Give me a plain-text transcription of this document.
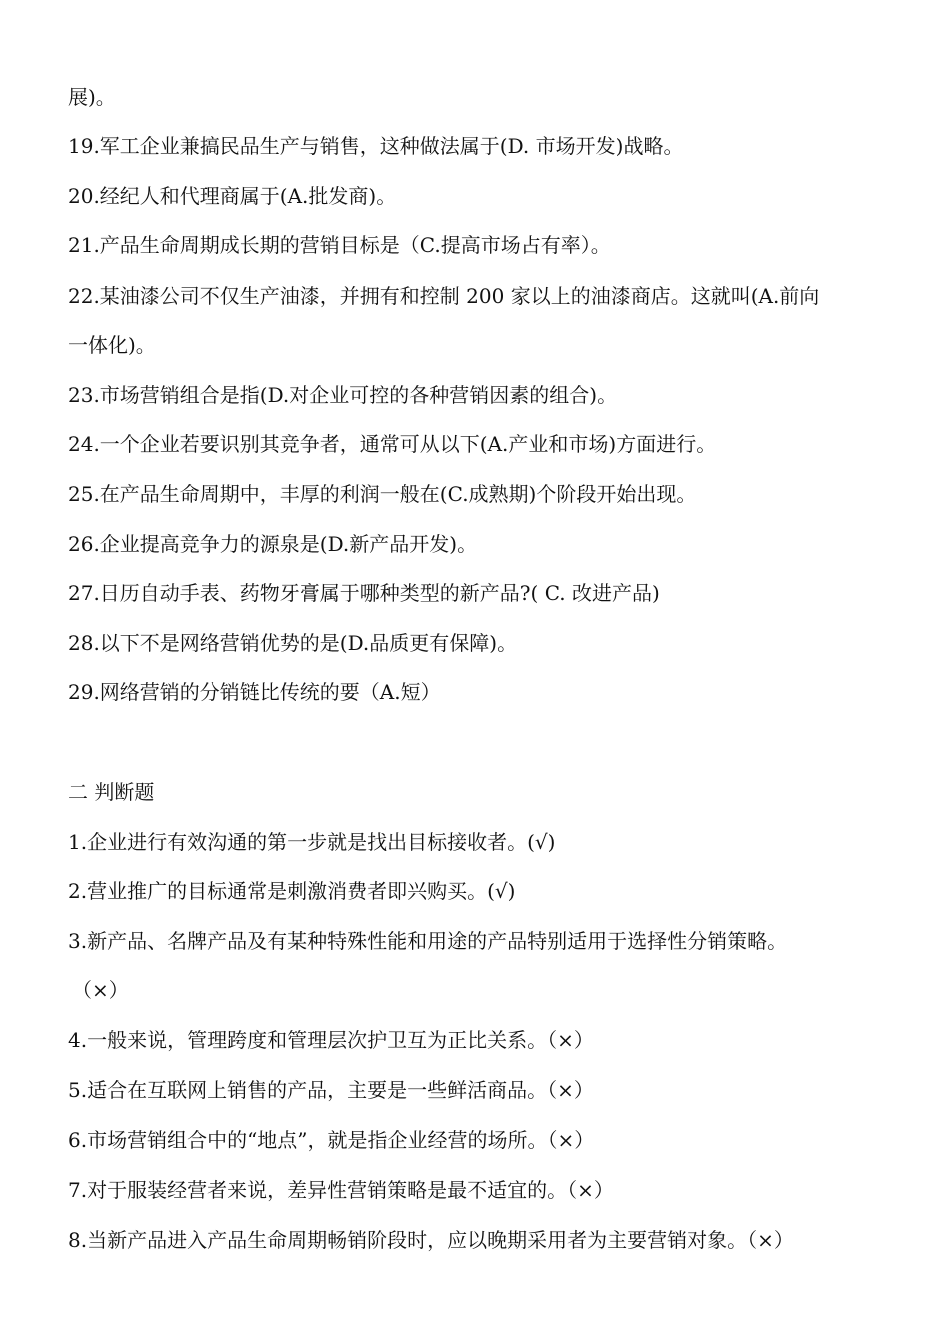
展)。
19.军工企业兼搞民品生产与销售，这种做法属于(D. 市场开发)战略。
20.经纪人和代理商属于(A.批发商)。
21.产品生命周期成长期的营销目标是（C.提高市场占有率）。
22.某油漆公司不仅生产油漆，并拥有和控制 200 家以上的油漆商店。这就叫(A.前向
一体化)。
23.市场营销组合是指(D.对企业可控的各种营销因素的组合)。
24.一个企业若要识别其竞争者，通常可从以下(A.产业和市场)方面进行。
25.在产品生命周期中，丰厚的利润一般在(C.成熟期)个阶段开始出现。
26.企业提高竞争力的源泉是(D.新产品开发)。
27.日历自动手表、药物牙膏属于哪种类型的新产品?( C. 改进产品)
28.以下不是网络营销优势的是(D.品质更有保障)。
29.网络营销的分销链比传统的要（A.短）
二 判断题
1.企业进行有效沟通的第一步就是找出目标接收者。(√)
2.营业推广的目标通常是刺激消费者即兴购买。(√)
3.新产品、名牌产品及有某种特殊性能和用途的产品特别适用于选择性分销策略。
（×）
4.一般来说，管理跨度和管理层次护卫互为正比关系。（×）
5.适合在互联网上销售的产品，主要是一些鲜活商品。（×）
6.市场营销组合中的“地点”，就是指企业经营的场所。（×）
7.对于服装经营者来说，差异性营销策略是最不适宜的。（×）
8.当新产品进入产品生命周期畅销阶段时，应以晚期采用者为主要营销对象。（×）
